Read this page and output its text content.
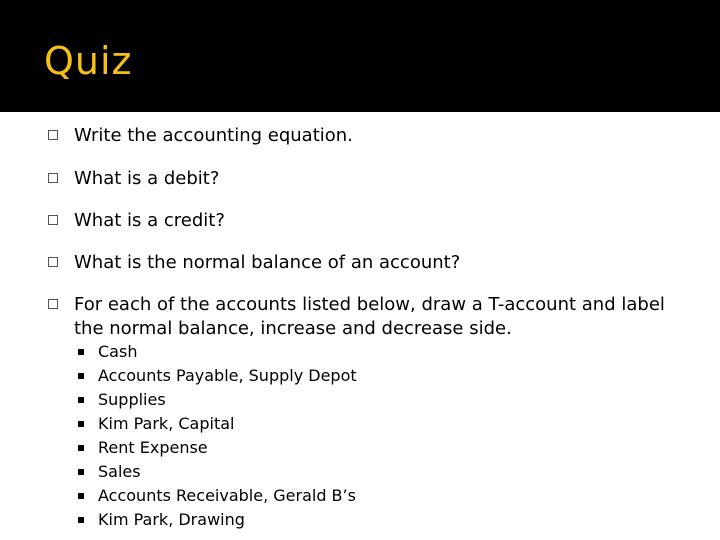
Quiz
Write the accounting equation.
What is a debit?
What is a credit?
What is the normal balance of an account?
For each of the accounts listed below, draw a T-account and label the normal balance, increase and decrease side.
Cash
Accounts Payable, Supply Depot
Supplies
Kim Park, Capital
Rent Expense
Sales
Accounts Receivable, Gerald B’s
Kim Park, Drawing
